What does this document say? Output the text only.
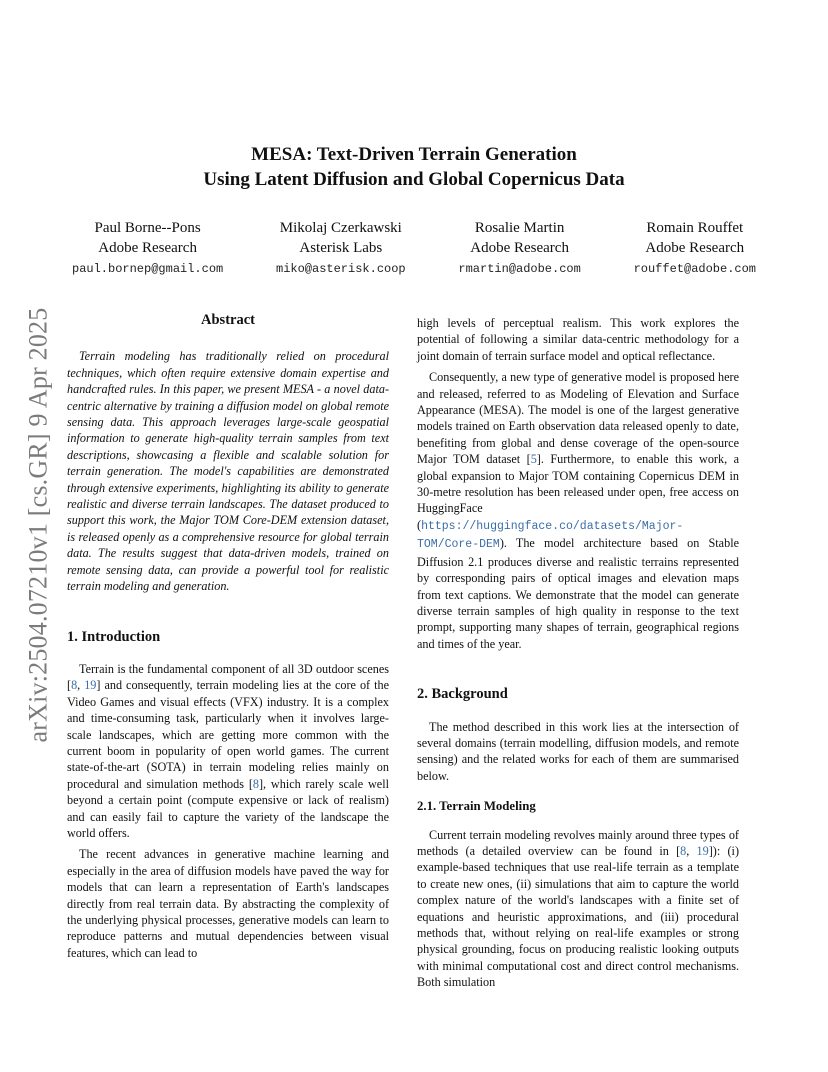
arXiv:2504.07210v1 [cs.GR] 9 Apr 2025
MESA: Text-Driven Terrain Generation
Using Latent Diffusion and Global Copernicus Data
Paul Borne--Pons
Adobe Research
paul.bornep@gmail.com
Mikolaj Czerkawski
Asterisk Labs
miko@asterisk.coop
Rosalie Martin
Adobe Research
rmartin@adobe.com
Romain Rouffet
Adobe Research
rouffet@adobe.com
Abstract

Terrain modeling has traditionally relied on procedural techniques, which often require extensive domain expertise and handcrafted rules. In this paper, we present MESA - a novel data-centric alternative by training a diffusion model on global remote sensing data. This approach leverages large-scale geospatial information to generate high-quality terrain samples from text descriptions, showcasing a flexible and scalable solution for terrain generation. The model's capabilities are demonstrated through extensive experiments, highlighting its ability to generate realistic and diverse terrain landscapes. The dataset produced to support this work, the Major TOM Core-DEM extension dataset, is released openly as a comprehensive resource for global terrain data. The results suggest that data-driven models, trained on remote sensing data, can provide a powerful tool for realistic terrain modeling and generation.

1. Introduction

Terrain is the fundamental component of all 3D outdoor scenes [8, 19] and consequently, terrain modeling lies at the core of the Video Games and visual effects (VFX) industry. It is a complex and time-consuming task, particularly when it involves large-scale landscapes, which are getting more common with the current boom in popularity of open world games. The current state-of-the-art (SOTA) in terrain modeling relies mainly on procedural and simulation methods [8], which rarely scale well beyond a certain point (compute expensive or lack of realism) and can easily fail to capture the variety of the landscape the world offers.

The recent advances in generative machine learning and especially in the area of diffusion models have paved the way for models that can learn a representation of Earth's landscapes directly from real terrain data. By abstracting the complexity of the underlying physical processes, generative models can learn to reproduce patterns and mutual dependencies between visual features, which can lead to

high levels of perceptual realism. This work explores the potential of following a similar data-centric methodology for a joint domain of terrain surface model and optical reflectance.

Consequently, a new type of generative model is proposed here and released, referred to as Modeling of Elevation and Surface Appearance (MESA). The model is one of the largest generative models trained on Earth observation data released openly to date, benefiting from global and dense coverage of the open-source Major TOM dataset [5]. Furthermore, to enable this work, a global expansion to Major TOM containing Copernicus DEM in 30-metre resolution has been released under open, free access on HuggingFace (https://huggingface.co/datasets/Major-TOM/Core-DEM). The model architecture based on Stable Diffusion 2.1 produces diverse and realistic terrains represented by corresponding pairs of optical images and elevation maps from text captions. We demonstrate that the model can generate diverse terrain samples of high quality in response to the text prompt, supporting many shapes of terrain, geographical regions and times of the year.

2. Background

The method described in this work lies at the intersection of several domains (terrain modelling, diffusion models, and remote sensing) and the related works for each of them are summarised below.

2.1. Terrain Modeling

Current terrain modeling revolves mainly around three types of methods (a detailed overview can be found in [8, 19]): (i) example-based techniques that use real-life terrain as a template to create new ones, (ii) simulations that aim to capture the world complex nature of the world's landscapes with a finite set of equations and heuristic approximations, and (iii) procedural methods that, without relying on real-life examples or strong physical grounding, focus on producing realistic looking outputs with minimal computational cost and direct control mechanisms. Both simulation
